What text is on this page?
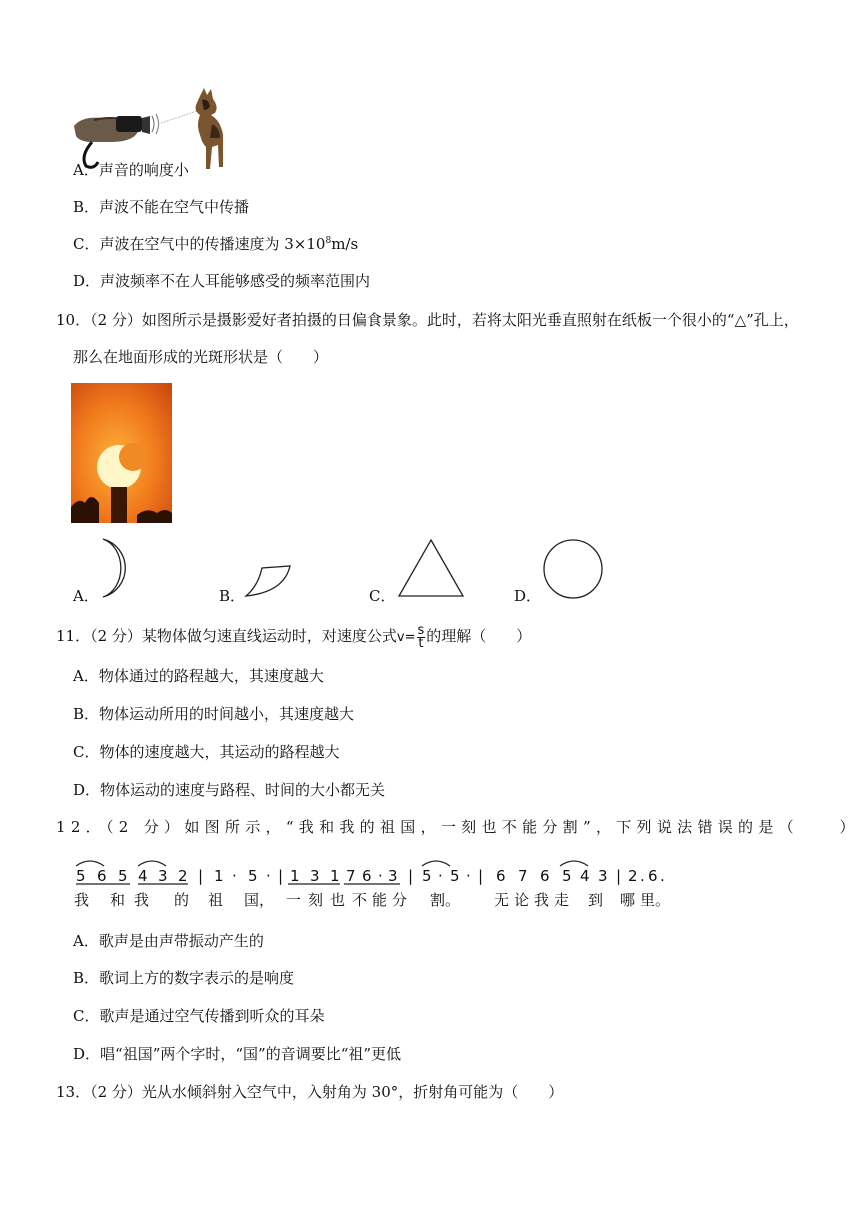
A．声音的响度小
B．声波不能在空气中传播
C．声波在空气中的传播速度为 $3\times 10^8m/s$
D．声波频率不在人耳能够感受的频率范围内
10．（2 分）如图所示是摄影爱好者拍摄的日偏食景象。此时，若将太阳光垂直照射在纸板一个很小的“△”孔上，
那么在地面形成的光斑形状是（　　）
A．	B．	C．	D．
11．（2 分）某物体做匀速直线运动时，对速度公式$v= \frac{s}{t}$ 的理解（　　）
A．物体通过的路程越大，其速度越大
B．物体运动所用的时间越小，其速度越大
C．物体的速度越大，其运动的路程越大
D．物体运动的速度与路程、时间的大小都无关
12．（2 分）如图所示，“我和我的祖国，一刻也不能分割”，下列说法错误的是（　　）
5 6 5 4 3 2 | 1 · 5 · | 1 3 1 7 6 · 3 | 5 · 5 · | 6 7 6 5 4 3 | 2 . 6 .
我 和 我 的 祖 国， 一 刻 也 不 能 分 割。 无 论 我 走 到 哪 里。
A．歌声是由声带振动产生的
B．歌词上方的数字表示的是响度
C．歌声是通过空气传播到听众的耳朵
D．唱“祖国”两个字时，“国”的音调要比“祖”更低
13．（2 分）光从水倾斜射入空气中，入射角为 30°，折射角可能为（　　）
